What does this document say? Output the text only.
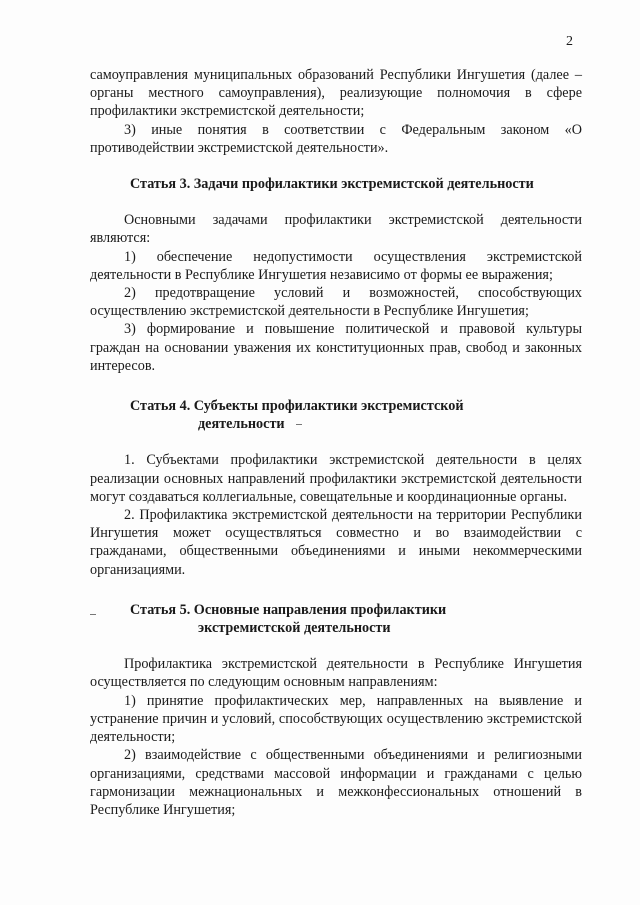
2

самоуправления муниципальных образований Республики Ингушетия (далее – органы местного самоуправления), реализующие полномочия в сфере профилактики экстремистской деятельности;

3) иные понятия в соответствии с Федеральным законом «О противодействии экстремистской деятельности».

Статья 3. Задачи профилактики экстремистской деятельности

Основными задачами профилактики экстремистской деятельности являются:

1) обеспечение недопустимости осуществления экстремистской деятельности в Республике Ингушетия независимо от формы ее выражения;

2) предотвращение условий и возможностей, способствующих осуществлению экстремистской деятельности в Республике Ингушетия;

3) формирование и повышение политической и правовой культуры граждан на основании уважения их конституционных прав, свобод и законных интересов.

Статья 4. Субъекты профилактики экстремистской
деятельности

1. Субъектами профилактики экстремистской деятельности в целях реализации основных направлений профилактики экстремистской деятельности могут создаваться коллегиальные, совещательные и координационные органы.

2. Профилактика экстремистской деятельности на территории Республики Ингушетия может осуществляться совместно и во взаимодействии с гражданами, общественными объединениями и иными некоммерческими организациями.

Статья 5. Основные направления профилактики
экстремистской деятельности

Профилактика экстремистской деятельности в Республике Ингушетия осуществляется по следующим основным направлениям:

1) принятие профилактических мер, направленных на выявление и устранение причин и условий, способствующих осуществлению экстремистской деятельности;

2) взаимодействие с общественными объединениями и религиозными организациями, средствами массовой информации и гражданами с целью гармонизации межнациональных и межконфессиональных отношений в Республике Ингушетия;
